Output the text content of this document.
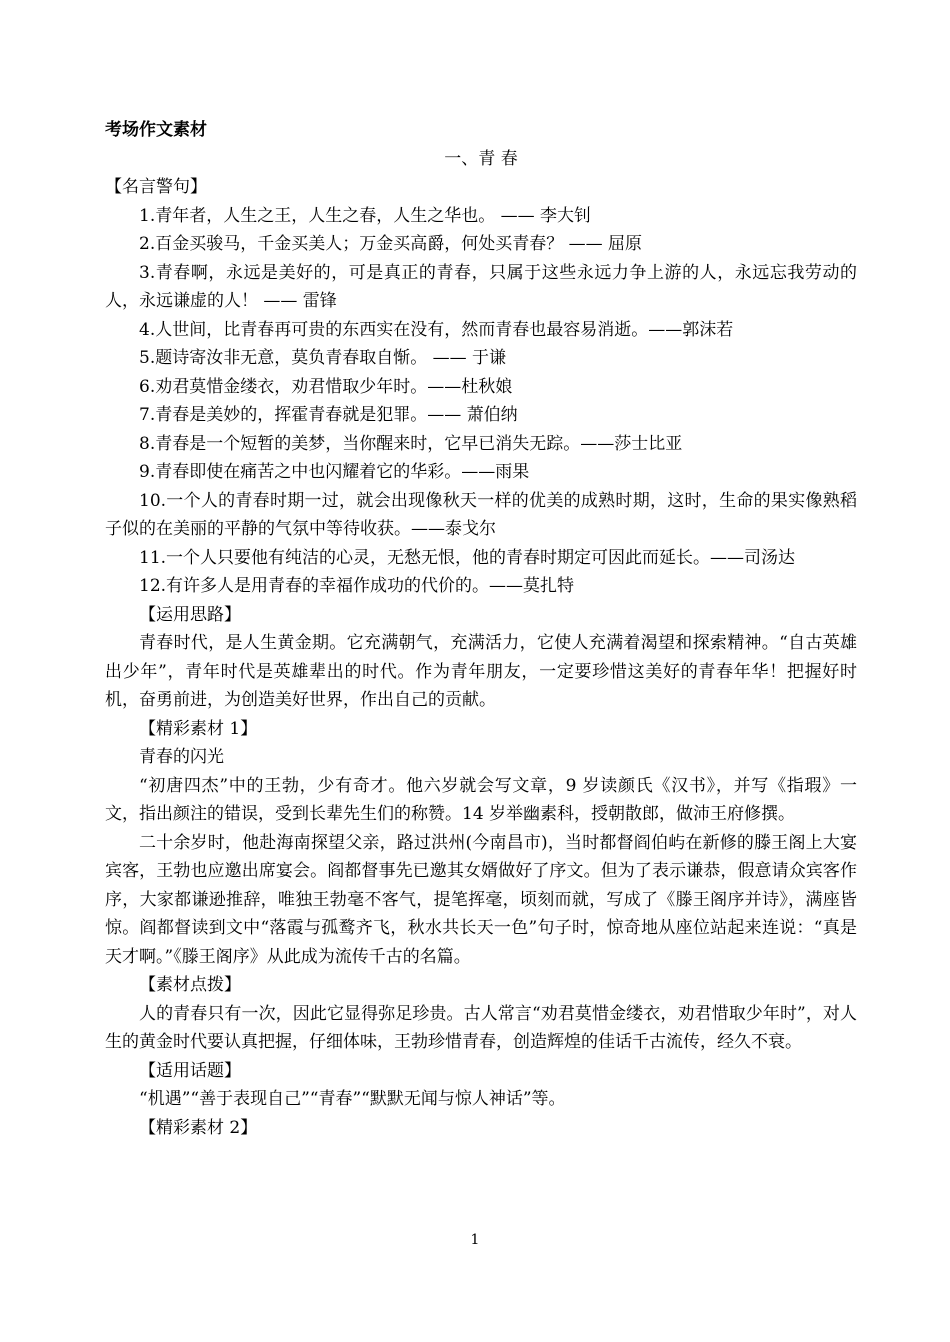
考场作文素材
一、青 春
【名言警句】
1.青年者，人生之王，人生之春，人生之华也。 —— 李大钊
2.百金买骏马，千金买美人；万金买高爵，何处买青春？ —— 屈原
3.青春啊，永远是美好的，可是真正的青春，只属于这些永远力争上游的人，永远忘我劳动的人，永远谦虚的人！ —— 雷锋
4.人世间，比青春再可贵的东西实在没有，然而青春也最容易消逝。——郭沫若
5.题诗寄汝非无意，莫负青春取自惭。 —— 于谦
6.劝君莫惜金缕衣，劝君惜取少年时。——杜秋娘
7.青春是美妙的，挥霍青春就是犯罪。—— 萧伯纳
8.青春是一个短暂的美梦，当你醒来时，它早已消失无踪。——莎士比亚
9.青春即使在痛苦之中也闪耀着它的华彩。——雨果
10.一个人的青春时期一过，就会出现像秋天一样的优美的成熟时期，这时，生命的果实像熟稻子似的在美丽的平静的气氛中等待收获。——泰戈尔
11.一个人只要他有纯洁的心灵，无愁无恨，他的青春时期定可因此而延长。——司汤达
12.有许多人是用青春的幸福作成功的代价的。——莫扎特
【运用思路】
青春时代，是人生黄金期。它充满朝气，充满活力，它使人充满着渴望和探索精神。“自古英雄出少年”，青年时代是英雄辈出的时代。作为青年朋友，一定要珍惜这美好的青春年华！把握好时机，奋勇前进，为创造美好世界，作出自己的贡献。
【精彩素材 1】
青春的闪光
“初唐四杰”中的王勃，少有奇才。他六岁就会写文章，9 岁读颜氏《汉书》，并写《指瑕》一文，指出颜注的错误，受到长辈先生们的称赞。14 岁举幽素科，授朝散郎，做沛王府修撰。
二十余岁时，他赴海南探望父亲，路过洪州(今南昌市)，当时都督阎伯屿在新修的滕王阁上大宴宾客，王勃也应邀出席宴会。阎都督事先已邀其女婿做好了序文。但为了表示谦恭，假意请众宾客作序，大家都谦逊推辞，唯独王勃毫不客气，提笔挥毫，顷刻而就，写成了《滕王阁序并诗》，满座皆惊。阎都督读到文中“落霞与孤鹜齐飞，秋水共长天一色”句子时，惊奇地从座位站起来连说：“真是天才啊。”《滕王阁序》从此成为流传千古的名篇。
【素材点拨】
人的青春只有一次，因此它显得弥足珍贵。古人常言“劝君莫惜金缕衣，劝君惜取少年时”，对人生的黄金时代要认真把握，仔细体味，王勃珍惜青春，创造辉煌的佳话千古流传，经久不衰。
【适用话题】
“机遇”“善于表现自己”“青春”“默默无闻与惊人神话”等。
【精彩素材 2】
1
